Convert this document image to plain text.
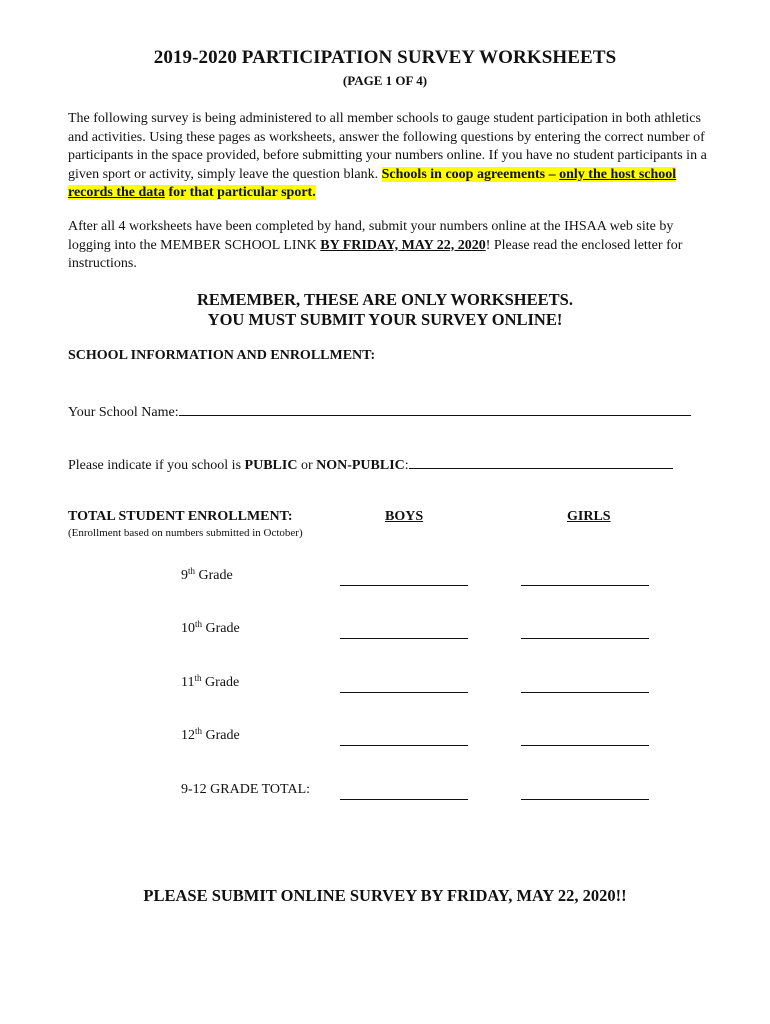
2019-2020 PARTICIPATION SURVEY WORKSHEETS
(PAGE 1 OF 4)
The following survey is being administered to all member schools to gauge student participation in both athletics and activities. Using these pages as worksheets, answer the following questions by entering the correct number of participants in the space provided, before submitting your numbers online. If you have no student participants in a given sport or activity, simply leave the question blank. Schools in coop agreements – only the host school records the data for that particular sport.
After all 4 worksheets have been completed by hand, submit your numbers online at the IHSAA web site by logging into the MEMBER SCHOOL LINK BY FRIDAY, MAY 22, 2020! Please read the enclosed letter for instructions.
REMEMBER, THESE ARE ONLY WORKSHEETS.
YOU MUST SUBMIT YOUR SURVEY ONLINE!
SCHOOL INFORMATION AND ENROLLMENT:
Your School Name:
Please indicate if you school is PUBLIC or NON-PUBLIC:
TOTAL STUDENT ENROLLMENT:
(Enrollment based on numbers submitted in October)
BOYS	GIRLS
9th Grade
10th Grade
11th Grade
12th Grade
9-12 GRADE TOTAL:
PLEASE SUBMIT ONLINE SURVEY BY FRIDAY, MAY 22, 2020!!
